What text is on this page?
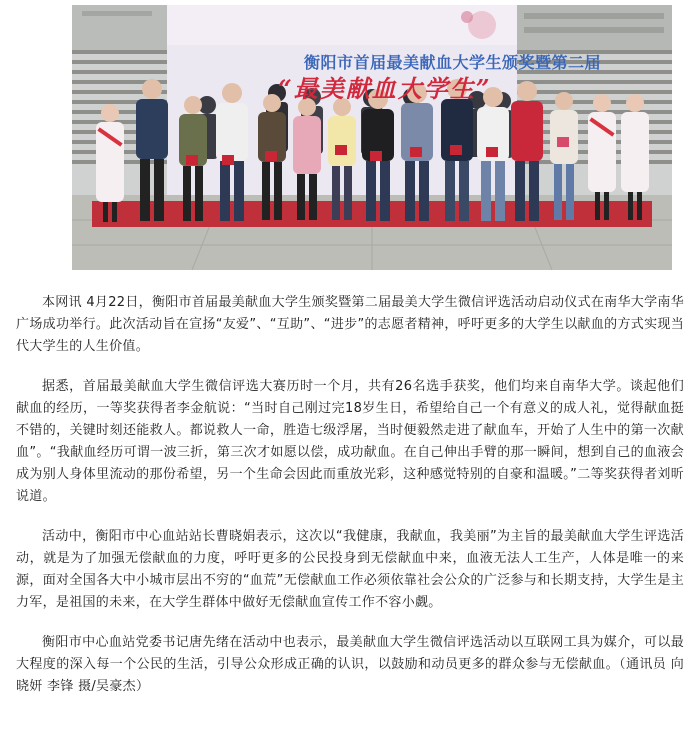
衡阳市首届最美献血大学生颁奖暨第二届
“最美献血大学生”

本网讯 4月22日，衡阳市首届最美献血大学生颁奖暨第二届最美大学生微信评选活动启动仪式在南华大学南华广场成功举行。此次活动旨在宣扬“友爱”、“互助”、“进步”的志愿者精神，呼吁更多的大学生以献血的方式实现当代大学生的人生价值。

据悉，首届最美献血大学生微信评选大赛历时一个月，共有26名选手获奖，他们均来自南华大学。谈起他们献血的经历，一等奖获得者李金航说：“当时自己刚过完18岁生日，希望给自己一个有意义的成人礼，觉得献血挺不错的，关键时刻还能救人。都说救人一命，胜造七级浮屠，当时便毅然走进了献血车，开始了人生中的第一次献血”。“我献血经历可谓一波三折，第三次才如愿以偿，成功献血。在自己伸出手臂的那一瞬间，想到自己的血液会成为别人身体里流动的那份希望，另一个生命会因此而重放光彩，这种感觉特别的自豪和温暖。”二等奖获得者刘昕说道。

活动中，衡阳市中心血站站长曹晓娟表示，这次以“我健康，我献血，我美丽”为主旨的最美献血大学生评选活动，就是为了加强无偿献血的力度，呼吁更多的公民投身到无偿献血中来，血液无法人工生产，人体是唯一的来源，面对全国各大中小城市层出不穷的“血荒”无偿献血工作必须依靠社会公众的广泛参与和长期支持，大学生是主力军，是祖国的未来，在大学生群体中做好无偿献血宣传工作不容小觑。

衡阳市中心血站党委书记唐先绪在活动中也表示，最美献血大学生微信评选活动以互联网工具为媒介，可以最大程度的深入每一个公民的生活，引导公众形成正确的认识，以鼓励和动员更多的群众参与无偿献血。（通讯员 向晓妍 李锋 摄/吴豪杰）
